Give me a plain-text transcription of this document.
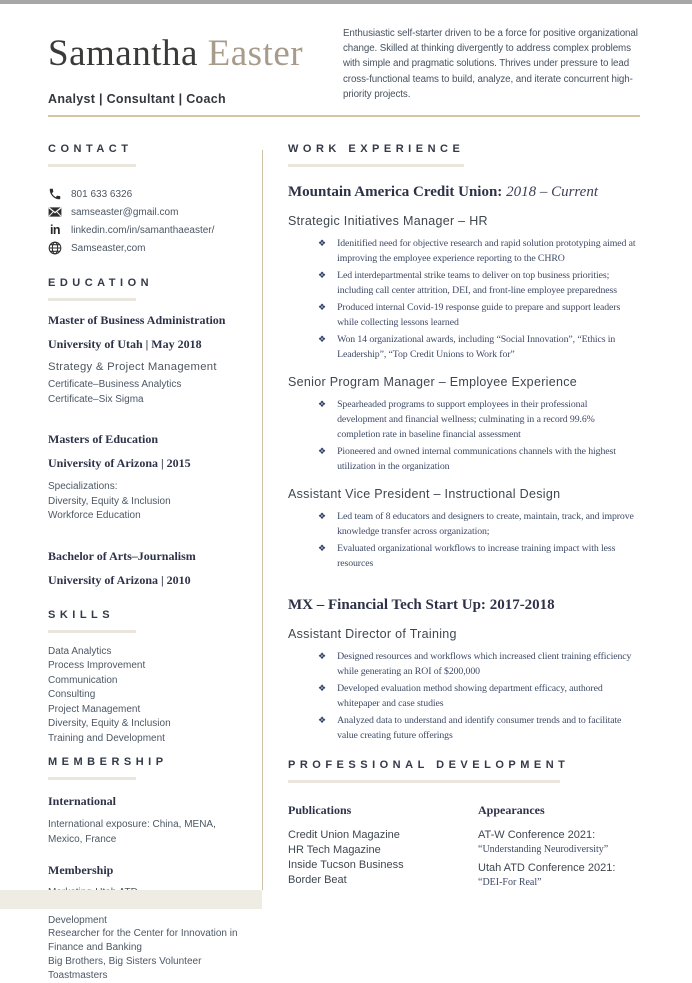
Samantha Easter
Analyst | Consultant | Coach
Enthusiastic self-starter driven to be a force for positive organizational change. Skilled at thinking divergently to address complex problems with simple and pragmatic solutions. Thrives under pressure to lead cross-functional teams to build, analyze, and iterate concurrent high-priority projects.
CONTACT
801 633 6326
samseaster@gmail.com
in linkedin.com/in/samanthaeaster/
Samseaster,com
EDUCATION
Master of Business Administration
University of Utah | May 2018
Strategy & Project Management
Certificate–Business Analytics
Certificate–Six Sigma
Masters of Education
University of Arizona | 2015
Specializations:
Diversity, Equity & Inclusion
Workforce Education
Bachelor of Arts–Journalism
University of Arizona | 2010
SKILLS
Data Analytics
Process Improvement
Communication
Consulting
Project Management
Diversity, Equity & Inclusion
Training and Development
MEMBERSHIP
International
International exposure: China, MENA, Mexico, France
Membership
Development
Researcher for the Center for Innovation in Finance and Banking
Big Brothers, Big Sisters Volunteer
Toastmasters
WORK EXPERIENCE
Mountain America Credit Union: 2018 – Current
Strategic Initiatives Manager – HR
❖ Idenitified need for objective research and rapid solution prototyping aimed at improving the employee experience reporting to the CHRO
❖ Led interdepartmental strike teams to deliver on top business priorities; including call center attrition, DEI, and front-line employee preparedness
❖ Produced internal Covid-19 response guide to prepare and support leaders while collecting lessons learned
❖ Won 14 organizational awards, including “Social Innovation”, “Ethics in Leadership”, “Top Credit Unions to Work for”
Senior Program Manager – Employee Experience
❖ Spearheaded programs to support employees in their professional development and financial wellness; culminating in a record 99.6% completion rate in baseline financial assessment
❖ Pioneered and owned internal communications channels with the highest utilization in the organization
Assistant Vice President – Instructional Design
❖ Led team of 8 educators and designers to create, maintain, track, and improve knowledge transfer across organization;
❖ Evaluated organizational workflows to increase training impact with less resources
MX – Financial Tech Start Up: 2017-2018
Assistant Director of Training
❖ Designed resources and workflows which increased client training efficiency while generating an ROI of $200,000
❖ Developed evaluation method showing department efficacy, authored whitepaper and case studies
❖ Analyzed data to understand and identify consumer trends and to facilitate value creating future offerings
PROFESSIONAL DEVELOPMENT
Publications
Credit Union Magazine
HR Tech Magazine
Inside Tucson Business
Border Beat
Appearances
AT-W Conference 2021:
“Understanding Neurodiversity”
Utah ATD Conference 2021:
“DEI-For Real”
